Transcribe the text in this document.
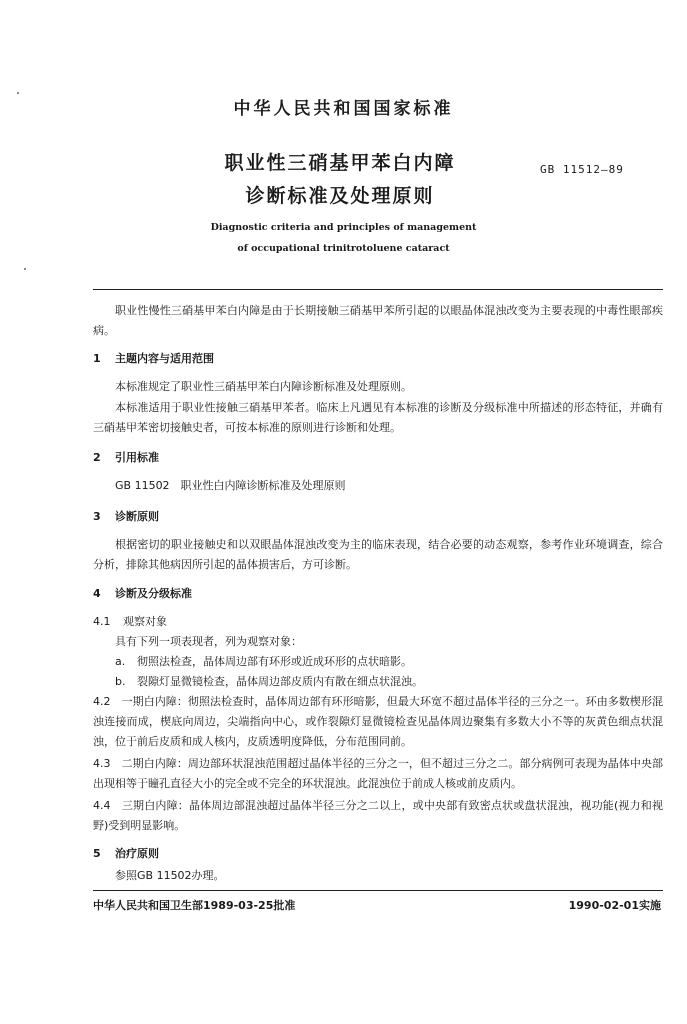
中华人民共和国国家标准
职业性三硝基甲苯白内障
诊断标准及处理原则
GB 11512—89
Diagnostic criteria and principles of management
of occupational trinitrotoluene cataract
职业性慢性三硝基甲苯白内障是由于长期接触三硝基甲苯所引起的以眼晶体混浊改变为主要表现的中毒性眼部疾病。
1 主题内容与适用范围
本标准规定了职业性三硝基甲苯白内障诊断标准及处理原则。
本标准适用于职业性接触三硝基甲苯者。临床上凡遇见有本标准的诊断及分级标准中所描述的形态特征，并确有三硝基甲苯密切接触史者，可按本标准的原则进行诊断和处理。
2 引用标准
GB 11502　职业性白内障诊断标准及处理原则
3 诊断原则
根据密切的职业接触史和以双眼晶体混浊改变为主的临床表现，结合必要的动态观察，参考作业环境调查，综合分析，排除其他病因所引起的晶体损害后，方可诊断。
4 诊断及分级标准
4.1 观察对象
具有下列一项表现者，列为观察对象：
a. 彻照法检查，晶体周边部有环形或近成环形的点状暗影。
b. 裂隙灯显微镜检查，晶体周边部皮质内有散在细点状混浊。
4.2　一期白内障：彻照法检查时，晶体周边部有环形暗影，但最大环宽不超过晶体半径的三分之一。环由多数楔形混浊连接而成，楔底向周边，尖端指向中心，或作裂隙灯显微镜检查见晶体周边聚集有多数大小不等的灰黄色细点状混浊，位于前后皮质和成人核内，皮质透明度降低，分布范围同前。
4.3　二期白内障：周边部环状混浊范围超过晶体半径的三分之一，但不超过三分之二。部分病例可表现为晶体中央部出现相等于瞳孔直径大小的完全或不完全的环状混浊。此混浊位于前成人核或前皮质内。
4.4　三期白内障：晶体周边部混浊超过晶体半径三分之二以上，或中央部有致密点状或盘状混浊，视功能(视力和视野)受到明显影响。
5 治疗原则
参照GB 11502办理。
中华人民共和国卫生部1989-03-25批准	1990-02-01实施
